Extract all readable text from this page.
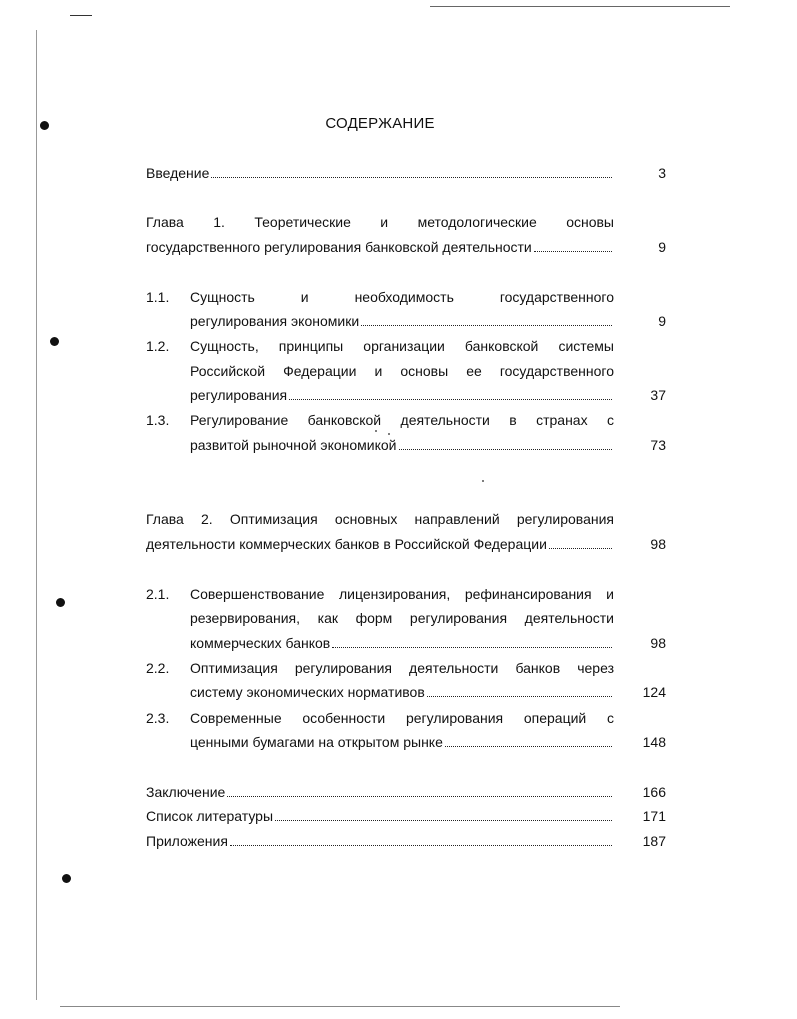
СОДЕРЖАНИЕ
Введение	3
Глава 1. Теоретические и методологические основы
государственного регулирования банковской деятельности	9
1.1.	Сущность и необходимость государственного
регулирования экономики	9
1.2.	Сущность, принципы организации банковской системы
Российской Федерации и основы ее государственного
регулирования	37
1.3.	Регулирование банковской деятельности в странах с
развитой рыночной экономикой	73
Глава 2. Оптимизация основных направлений регулирования
деятельности коммерческих банков в Российской Федерации	98
2.1.	Совершенствование лицензирования, рефинансирования и
резервирования, как форм регулирования деятельности
коммерческих банков	98
2.2.	Оптимизация регулирования деятельности банков через
систему экономических нормативов	124
2.3.	Современные особенности регулирования операций с
ценными бумагами на открытом рынке	148
Заключение	166
Список литературы	171
Приложения	187
